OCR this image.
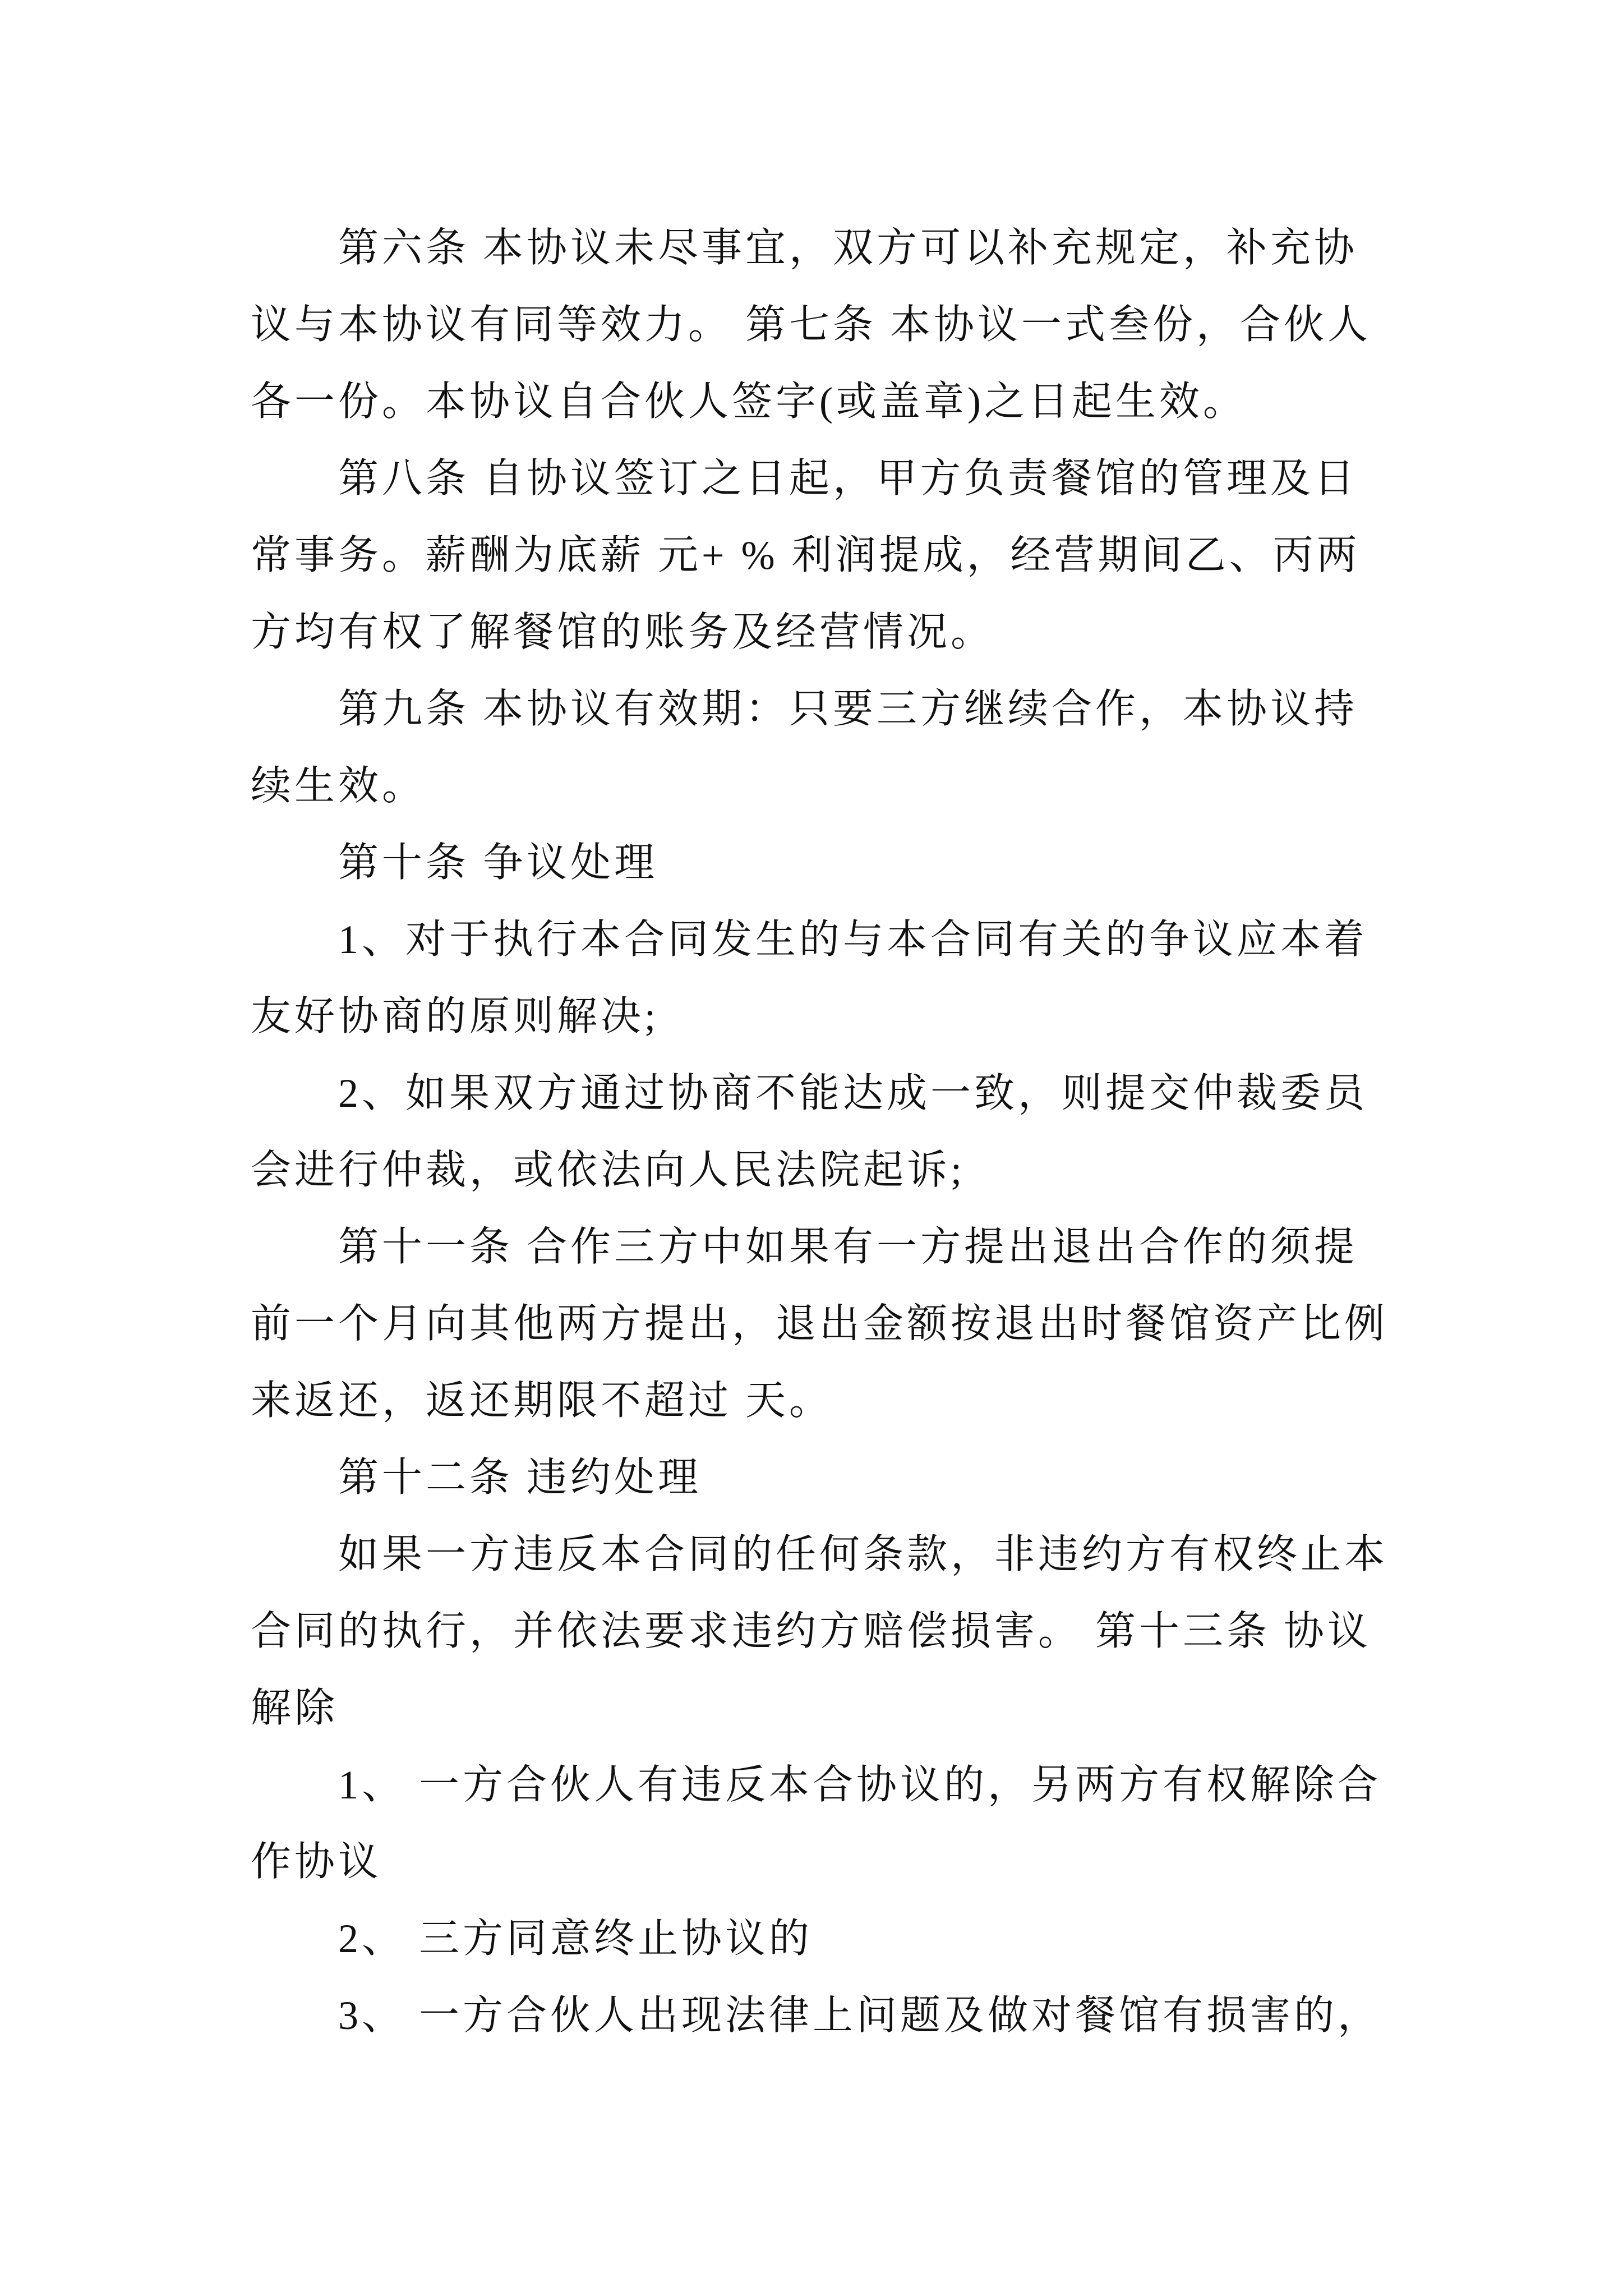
第六条 本协议未尽事宜，双方可以补充规定，补充协
议与本协议有同等效力。 第七条 本协议一式叁份，合伙人
各一份。本协议自合伙人签字(或盖章)之日起生效。
第八条 自协议签订之日起，甲方负责餐馆的管理及日
常事务。薪酬为底薪 元+ % 利润提成，经营期间乙、丙两
方均有权了解餐馆的账务及经营情况。
第九条 本协议有效期：只要三方继续合作，本协议持
续生效。
第十条 争议处理
1、对于执行本合同发生的与本合同有关的争议应本着
友好协商的原则解决;
2、如果双方通过协商不能达成一致，则提交仲裁委员
会进行仲裁，或依法向人民法院起诉;
第十一条 合作三方中如果有一方提出退出合作的须提
前一个月向其他两方提出，退出金额按退出时餐馆资产比例
来返还，返还期限不超过 天。
第十二条 违约处理
如果一方违反本合同的任何条款，非违约方有权终止本
合同的执行，并依法要求违约方赔偿损害。 第十三条 协议
解除
1、 一方合伙人有违反本合协议的，另两方有权解除合
作协议
2、 三方同意终止协议的
3、 一方合伙人出现法律上问题及做对餐馆有损害的，
